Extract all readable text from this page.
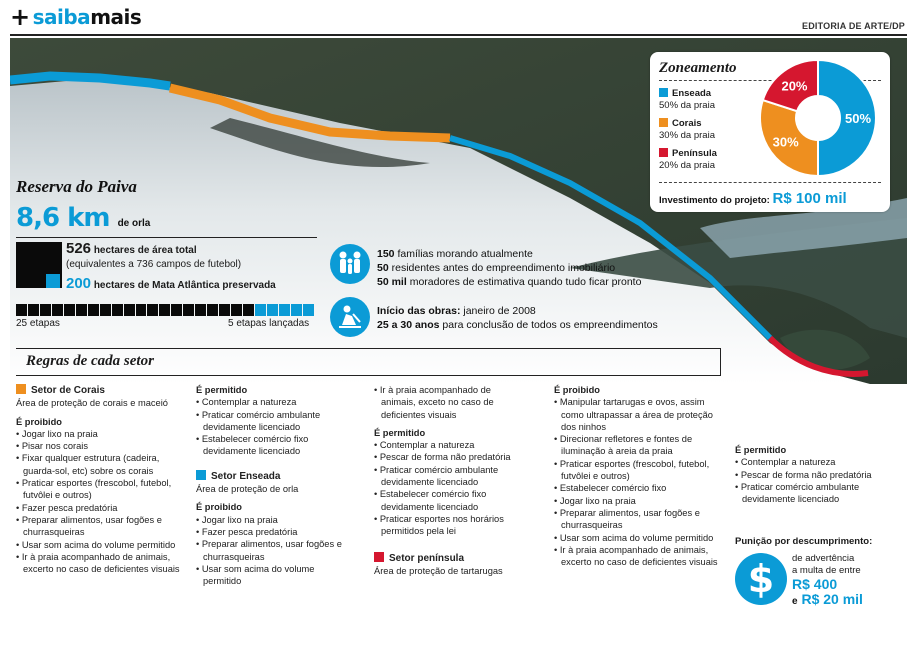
+ saiba mais	EDITORIA DE ARTE/DP
Reserva do Paiva
8,6 km de orla
526 hectares de área total
(equivalentes a 736 campos de futebol)
200 hectares de Mata Atlântica preservada
25 etapas	5 etapas lançadas
150 famílias morando atualmente
50 residentes antes do empreendimento imobiliário
50 mil moradores de estimativa quando tudo ficar pronto
Início das obras: janeiro de 2008
25 a 30 anos para conclusão de todos os empreendimentos
Zoneamento
Enseada
50% da praia
Corais
30% da praia
Península
20% da praia
Investimento do projeto: R$ 100 mil
50%
30%
20%
Regras de cada setor
Setor de Corais
Área de proteção de corais e maceió
É proibido
• Jogar lixo na praia
• Pisar nos corais
• Fixar qualquer estrutura (cadeira, guarda-sol, etc) sobre os corais
• Praticar esportes (frescobol, futebol, futvôlei e outros)
• Fazer pesca predatória
• Preparar alimentos, usar fogões e churrasqueiras
• Usar som acima do volume permitido
• Ir à praia acompanhado de animais, excerto no caso de deficientes visuais
É permitido
• Contemplar a natureza
• Praticar comércio ambulante devidamente licenciado
• Estabelecer comércio fixo devidamente licenciado
Setor Enseada
Área de proteção de orla
É proibido
• Jogar lixo na praia
• Fazer pesca predatória
• Preparar alimentos, usar fogões e churrasqueiras
• Usar som acima do volume permitido
• Ir à praia acompanhado de animais, exceto no caso de deficientes visuais
É permitido
• Contemplar a natureza
• Pescar de forma não predatória
• Praticar comércio ambulante devidamente licenciado
• Estabelecer comércio fixo devidamente licenciado
• Praticar esportes nos horários permitidos pela lei
Setor península
Área de proteção de tartarugas
É proibido
• Manipular tartarugas e ovos, assim como ultrapassar a área de proteção dos ninhos
• Direcionar refletores e fontes de iluminação à areia da praia
• Praticar esportes (frescobol, futebol, futvôlei e outros)
• Estabelecer comércio fixo
• Jogar lixo na praia
• Preparar alimentos, usar fogões e churrasqueiras
• Usar som acima do volume permitido
• Ir à praia acompanhado de animais, excerto no caso de deficientes visuais
É permitido
• Contemplar a natureza
• Pescar de forma não predatória
• Praticar comércio ambulante devidamente licenciado
Punição por descumprimento:
$	de advertência
a multa de entre
R$ 400
e R$ 20 mil
